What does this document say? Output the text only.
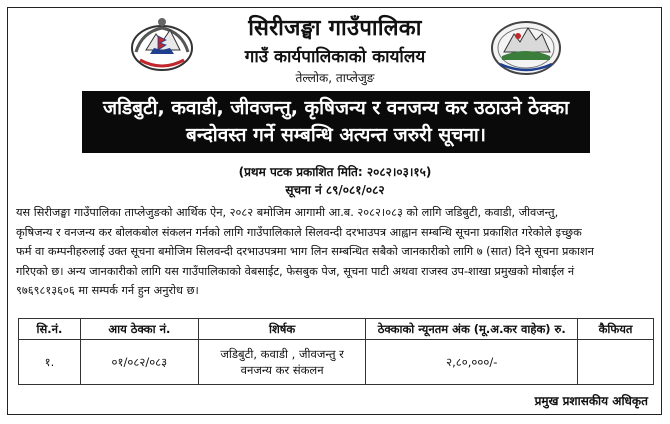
सिरीजङ्घा गाउँपालिका
गाउँ कार्यपालिकाको कार्यालय
तेल्लोक, ताप्लेजुङ
जडिबुटी, कवाडी, जीवजन्तु, कृषिजन्य र वनजन्य कर उठाउने ठेक्का
बन्दोवस्त गर्ने सम्बन्धि अत्यन्त जरुरी सूचना।
(प्रथम पटक प्रकाशित मिति: २०८२।०३।१५)
सूचना नं ८९/०८१/०८२
यस सिरीजङ्घा गाउँपालिका ताप्लेजुङको आर्थिक ऐन, २०८२ बमोजिम आगामी आ.ब. २०८२।०८३ को लागि जडिबुटी, कवाडी, जीवजन्तु,
कृषिजन्य र वनजन्य कर बोलकबोल संकलन गर्नको लागि गाउँपालिकाले सिलवन्दी दरभाउपत्र आह्वान सम्बन्धि सूचना प्रकाशित गरेकोले इच्छुक
फर्म वा कम्पनीहरुलाई उक्त सूचना बमोजिम सिलवन्दी दरभाउपत्रमा भाग लिन सम्बन्धित सबैको जानकारीको लागि ७ (सात) दिने सूचना प्रकाशन
गरिएको छ। अन्य जानकारीको लागि यस गाउँपालिकाको वेबसाईट, फेसबुक पेज, सूचना पाटी अथवा राजस्व उप-शाखा प्रमुखको मोबाईल नं
९७६९८१३६०६ मा सम्पर्क गर्न हुन अनुरोध छ।
सि.नं.	आय ठेक्का नं.	शिर्षक	ठेक्काको न्यूनतम अंक (मू.अ.कर वाहेक) रु.	कैफियत
१.	०१/०८२/०८३	जडिबुटी, कवाडी , जीवजन्तु र
वनजन्य कर संकलन	२,८०,०००/-	
प्रमुख प्रशासकीय अधिकृत
